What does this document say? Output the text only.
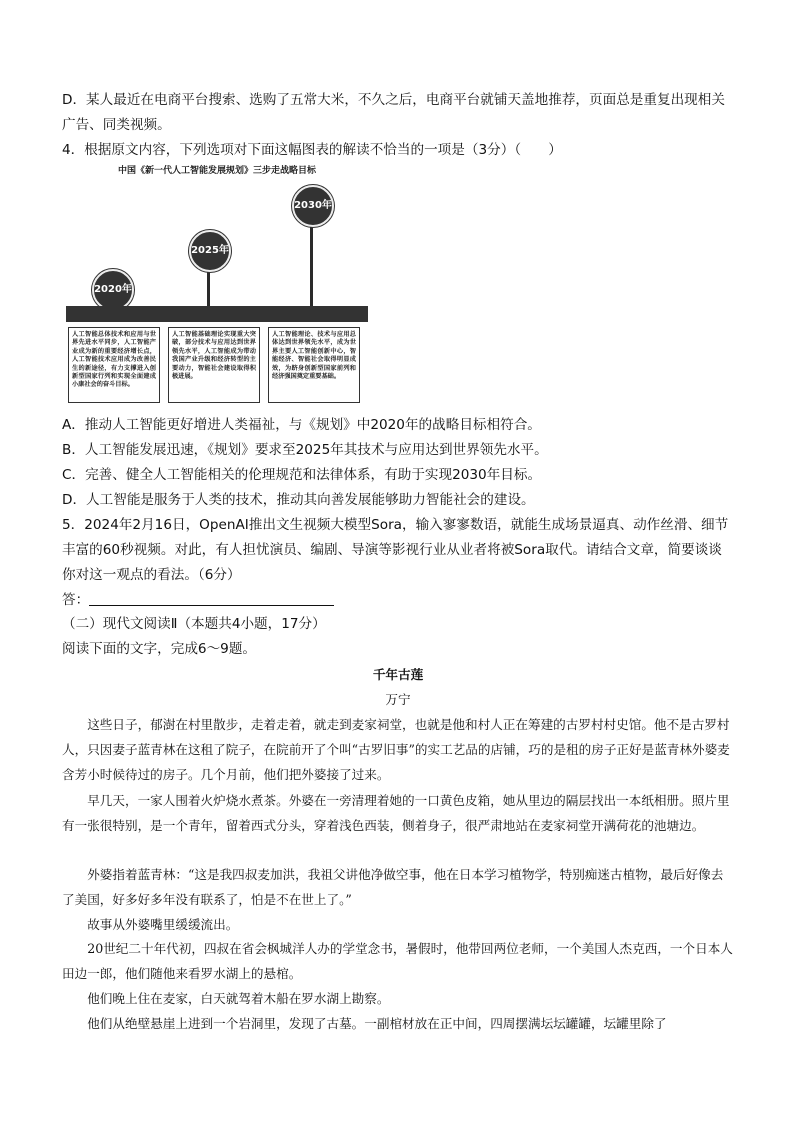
D．某人最近在电商平台搜索、选购了五常大米，不久之后，电商平台就铺天盖地推荐，页面总是重复出现相关广告、同类视频。

4．根据原文内容，下列选项对下面这幅图表的解读不恰当的一项是（3分）（　　）

中国《新一代人工智能发展规划》三步走战略目标
2020年
2025年
2030年
人工智能总体技术和应用与世界先进水平同步，人工智能产业成为新的重要经济增长点，人工智能技术应用成为改善民生的新途径，有力支撑进入创新型国家行列和实现全面建成小康社会的奋斗目标。
人工智能基础理论实现重大突破，部分技术与应用达到世界领先水平，人工智能成为带动我国产业升级和经济转型的主要动力，智能社会建设取得积极进展。
人工智能理论、技术与应用总体达到世界领先水平，成为世界主要人工智能创新中心，智能经济、智能社会取得明显成效，为跻身创新型国家前列和经济强国奠定重要基础。

A．推动人工智能更好增进人类福祉，与《规划》中2020年的战略目标相符合。

B．人工智能发展迅速，《规划》要求至2025年其技术与应用达到世界领先水平。

C．完善、健全人工智能相关的伦理规范和法律体系，有助于实现2030年目标。

D．人工智能是服务于人类的技术，推动其向善发展能够助力智能社会的建设。

5．2024年2月16日，OpenAI推出文生视频大模型Sora，输入寥寥数语，就能生成场景逼真、动作丝滑、细节丰富的60秒视频。对此，有人担忧演员、编剧、导演等影视行业从业者将被Sora取代。请结合文章，简要谈谈你对这一观点的看法。（6分）

答：

（二）现代文阅读Ⅱ（本题共4小题，17分）

阅读下面的文字，完成6～9题。

千年古莲

万宁

这些日子，郁澍在村里散步，走着走着，就走到麦家祠堂，也就是他和村人正在筹建的古罗村村史馆。他不是古罗村人，只因妻子蓝青林在这租了院子，在院前开了个叫“古罗旧事”的实工艺品的店铺，巧的是租的房子正好是蓝青林外婆麦含芳小时候待过的房子。几个月前，他们把外婆接了过来。

早几天，一家人围着火炉烧水煮茶。外婆在一旁清理着她的一口黄色皮箱，她从里边的隔层找出一本纸相册。照片里有一张很特别，是一个青年，留着西式分头，穿着浅色西装，侧着身子，很严肃地站在麦家祠堂开满荷花的池塘边。

外婆指着蓝青林：“这是我四叔麦加洪，我祖父讲他净做空事，他在日本学习植物学，特别痴迷古植物，最后好像去了美国，好多好多年没有联系了，怕是不在世上了。”

故事从外婆嘴里缓缓流出。

20世纪二十年代初，四叔在省会枫城洋人办的学堂念书，暑假时，他带回两位老师，一个美国人杰克西，一个日本人田边一郎，他们随他来看罗水湖上的悬棺。

他们晚上住在麦家，白天就驾着木船在罗水湖上勘察。

他们从绝壁悬崖上进到一个岩洞里，发现了古墓。一副棺材放在正中间，四周摆满坛坛罐罐，坛罐里除了
